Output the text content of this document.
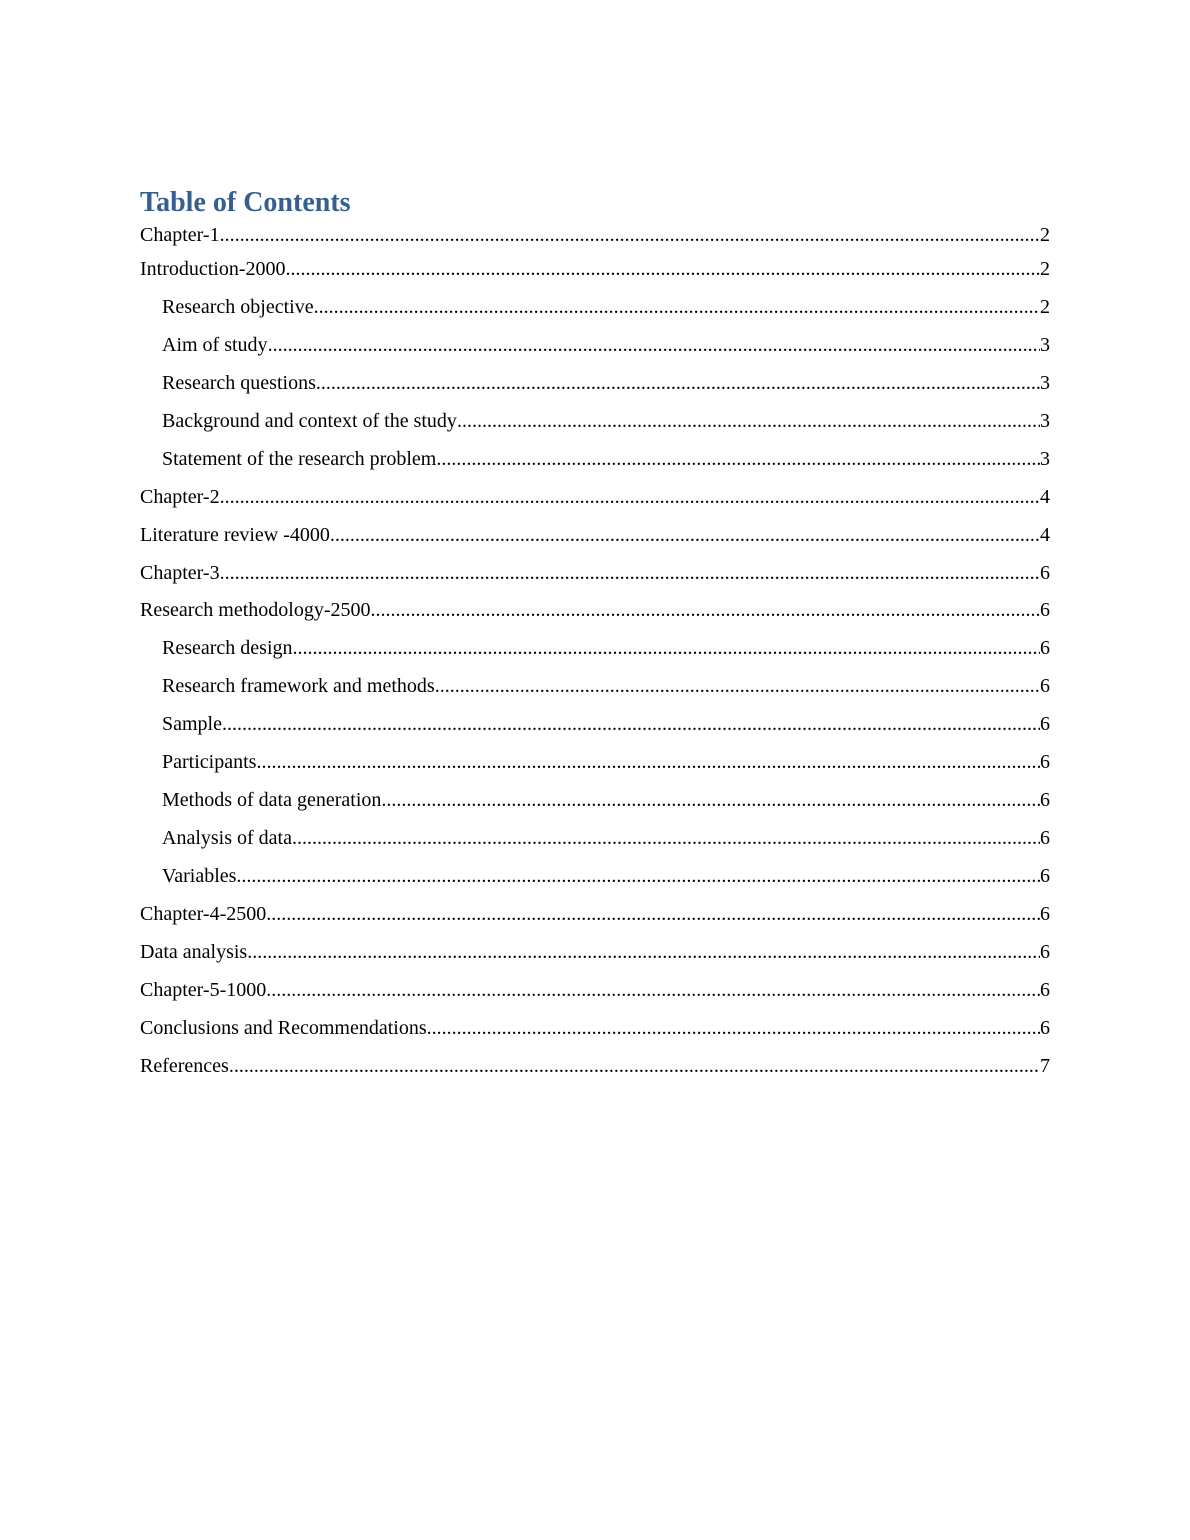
Table of Contents
Chapter-1 .....	2
Introduction-2000 .....	2
Research objective .....	2
Aim of study .....	3
Research questions .....	3
Background and context of the study .....	3
Statement of the research problem .....	3
Chapter-2 .....	4
Literature review -4000 .....	4
Chapter-3 .....	6
Research methodology-2500 .....	6
Research design .....	6
Research framework and methods .....	6
Sample .....	6
Participants .....	6
Methods of data generation .....	6
Analysis of data .....	6
Variables .....	6
Chapter-4-2500 .....	6
Data analysis .....	6
Chapter-5-1000 .....	6
Conclusions and Recommendations .....	6
References .....	7
